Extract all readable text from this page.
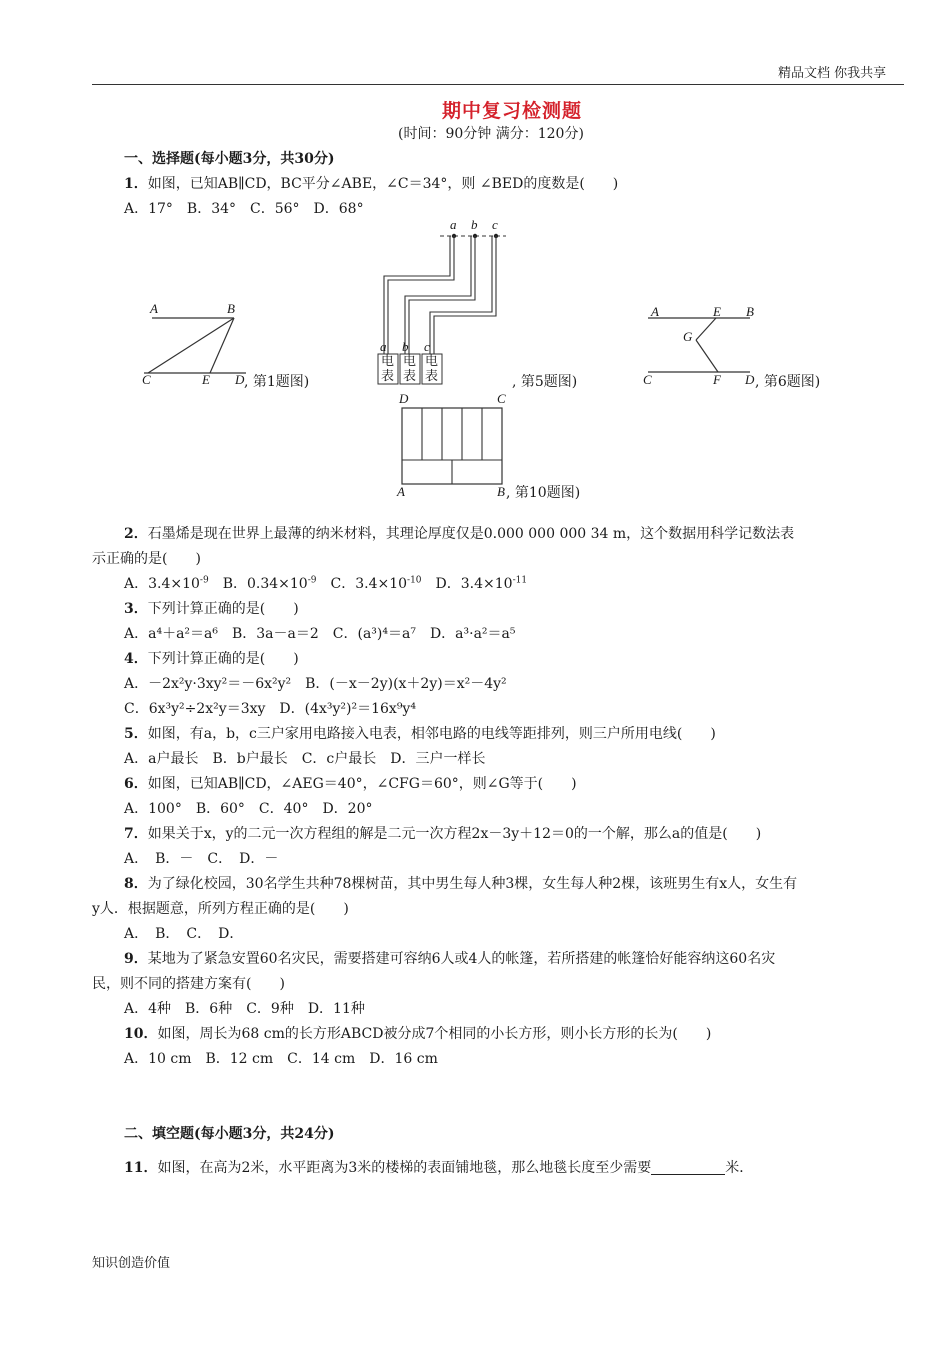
精品文档 你我共享
期中复习检测题
(时间：90分钟 满分：120分)
一、选择题(每小题3分，共30分)
1．如图，已知AB∥CD，BC平分∠ABE，∠C＝34°，则 ∠BED的度数是(　　)
A．17°　B．34°　C．56°　D．68°
A	B
C	E D , 第1题图)
a b c
a b c
电表
电表
电表	, 第5题图)
A	E B
G
C	F D , 第6题图)
D	C
A	B , 第10题图)
2．石墨烯是现在世界上最薄的纳米材料，其理论厚度仅是0.000 000 000 34 m，这个数据用科学记数法表
示正确的是(　　)
A．$3.4\times 10^{-9}$　 B．$0.34\times 10^{-9}$　 C．$3.4\times 10^{-10}$　 D．$3.4\times 10^{-11}$
3．下列计算正确的是(　　)
A．a⁴＋a²＝a⁶　B．3a－a＝2　C．(a³)⁴＝a⁷　D．a³·a²＝a⁵
4．下列计算正确的是(　　)
A．－2x²y·3xy²＝－6x²y²　B．(－x－2y)(x＋2y)＝x²－4y²
C．6x³y²÷2x²y＝3xy　D．(4x³y²)²＝16x⁹y⁴
5．如图，有a，b，c三户家用电路接入电表，相邻电路的电线等距排列，则三户所用电线(　　)
A．a户最长　B．b户最长　C．c户最长　D．三户一样长
6．如图，已知AB∥CD，∠AEG＝40°，∠CFG＝60°，则∠G等于(　　)
A．100°　B．60°　C．40°　D．20°
7．如果关于x，y的二元一次方程组的解是二元一次方程2x－3y＋12＝0的一个解，那么a的值是(　　)
A．　B．－　C．　D．－
8．为了绿化校园，30名学生共种78棵树苗，其中男生每人种3棵，女生每人种2棵，该班男生有x人，女生有
y人．根据题意，所列方程正确的是(　　)
A．　B．　C．　D．
9．某地为了紧急安置60名灾民，需要搭建可容纳6人或4人的帐篷，若所搭建的帐篷恰好能容纳这60名灾
民，则不同的搭建方案有(　　)
A．4种　B．6种　C．9种　D．11种
10．如图，周长为68 cm的长方形ABCD被分成7个相同的小长方形，则小长方形的长为(　　)
A．10 cm　B．12 cm　C．14 cm　D．16 cm
二、填空题(每小题3分，共24分)
11．如图，在高为2米，水平距离为3米的楼梯的表面铺地毯，那么地毯长度至少需要	米．
知识创造价值
